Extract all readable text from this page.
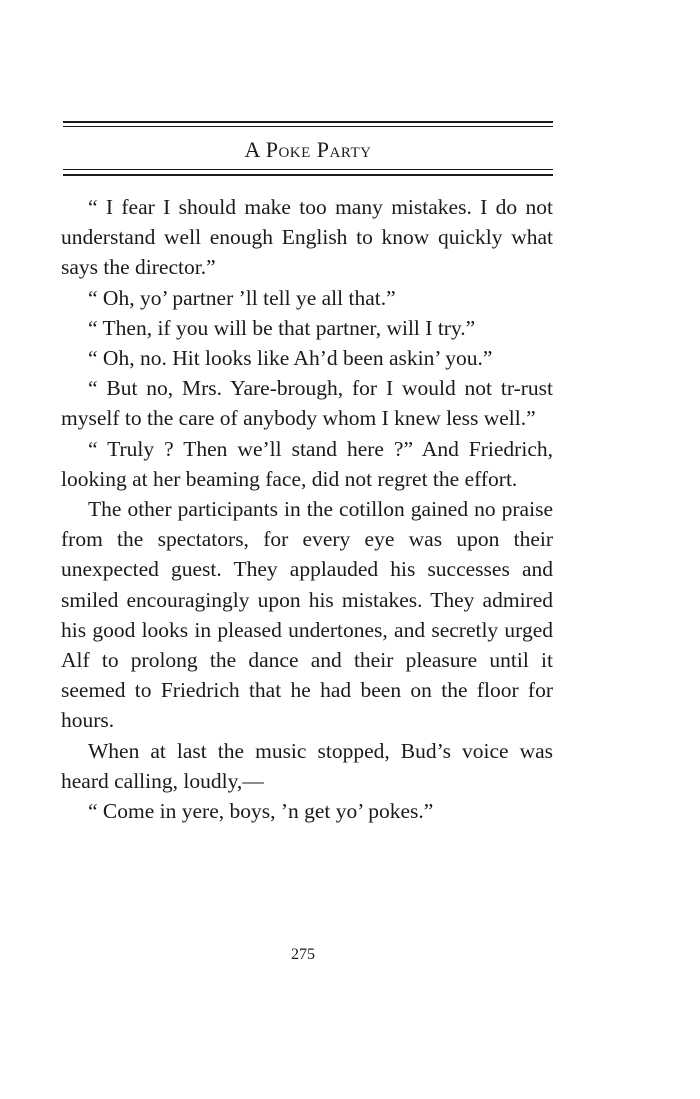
A Poke Party

“ I fear I should make too many mistakes. I do not understand well enough English to know quickly what says the director.”

“ Oh, yo’ partner ’ll tell ye all that.”

“ Then, if you will be that partner, will I try.”

“ Oh, no. Hit looks like Ah’d been askin’ you.”

“ But no, Mrs. Yare-brough, for I would not tr-rust myself to the care of anybody whom I knew less well.”

“ Truly ? Then we’ll stand here ?” And Friedrich, looking at her beaming face, did not regret the effort.

The other participants in the cotillon gained no praise from the spectators, for every eye was upon their unexpected guest. They applauded his successes and smiled encouragingly upon his mistakes. They admired his good looks in pleased undertones, and secretly urged Alf to prolong the dance and their pleasure until it seemed to Friedrich that he had been on the floor for hours.

When at last the music stopped, Bud’s voice was heard calling, loudly,—

“ Come in yere, boys, ’n get yo’ pokes.”

275
